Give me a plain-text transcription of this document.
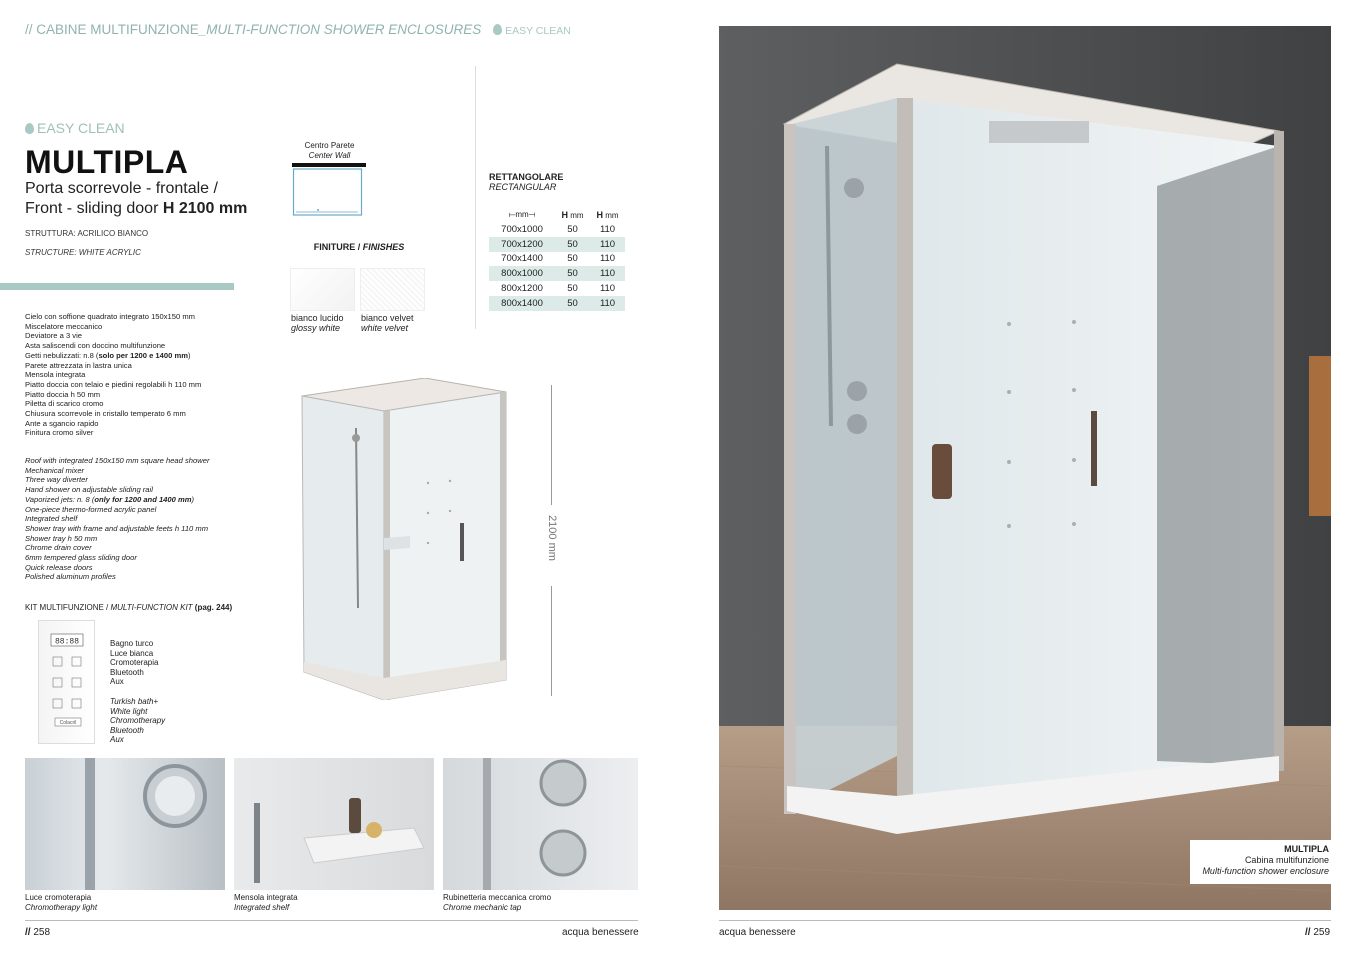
// CABINE MULTIFUNZIONE_MULTI-FUNCTION SHOWER ENCLOSURES EASY CLEAN
EASY CLEAN
MULTIPLA
Porta scorrevole - frontale /
Front - sliding door H 2100 mm
STRUTTURA: ACRILICO BIANCO
STRUCTURE: WHITE ACRYLIC
Centro Parete
Center Wall
FINITURE / FINISHES
bianco lucido
glossy white
bianco velvet
white velvet
RETTANGOLARE
RECTANGULAR
⟝mm⟞	H mm	H mm
700x1000	50	110
700x1200	50	110
700x1400	50	110
800x1000	50	110
800x1200	50	110
800x1400	50	110
Cielo con soffione quadrato integrato 150x150 mm
Miscelatore meccanico
Deviatore a 3 vie
Asta saliscendi con doccino multifunzione
Getti nebulizzati: n.8 (solo per 1200 e 1400 mm)
Parete attrezzata in lastra unica
Mensola integrata
Piatto doccia con telaio e piedini regolabili h 110 mm
Piatto doccia h 50 mm
Piletta di scarico cromo
Chiusura scorrevole in cristallo temperato 6 mm
Ante a sgancio rapido
Finitura cromo silver
Roof with integrated 150x150 mm square head shower
Mechanical mixer
Three way diverter
Hand shower on adjustable sliding rail
Vaporized jets: n. 8 (only for 1200 and 1400 mm)
One-piece thermo-formed acrylic panel
Integrated shelf
Shower tray with frame and adjustable feets h 110 mm
Shower tray h 50 mm
Chrome drain cover
6mm tempered glass sliding door
Quick release doors
Polished aluminum profiles
KIT MULTIFUNZIONE / MULTI-FUNCTION KIT (pag. 244)
88:88
Colacril
Bagno turco
Luce bianca
Cromoterapia
Bluetooth
Aux
Turkish bath+
White light
Chromotherapy
Bluetooth
Aux
2100 mm
Luce cromoterapia
Chromotherapy light
Mensola integrata
Integrated shelf
Rubinetteria meccanica cromo
Chrome mechanic tap
MULTIPLA
Cabina multifunzione
Multi-function shower enclosure
// 258	acqua benessere	acqua benessere	// 259
